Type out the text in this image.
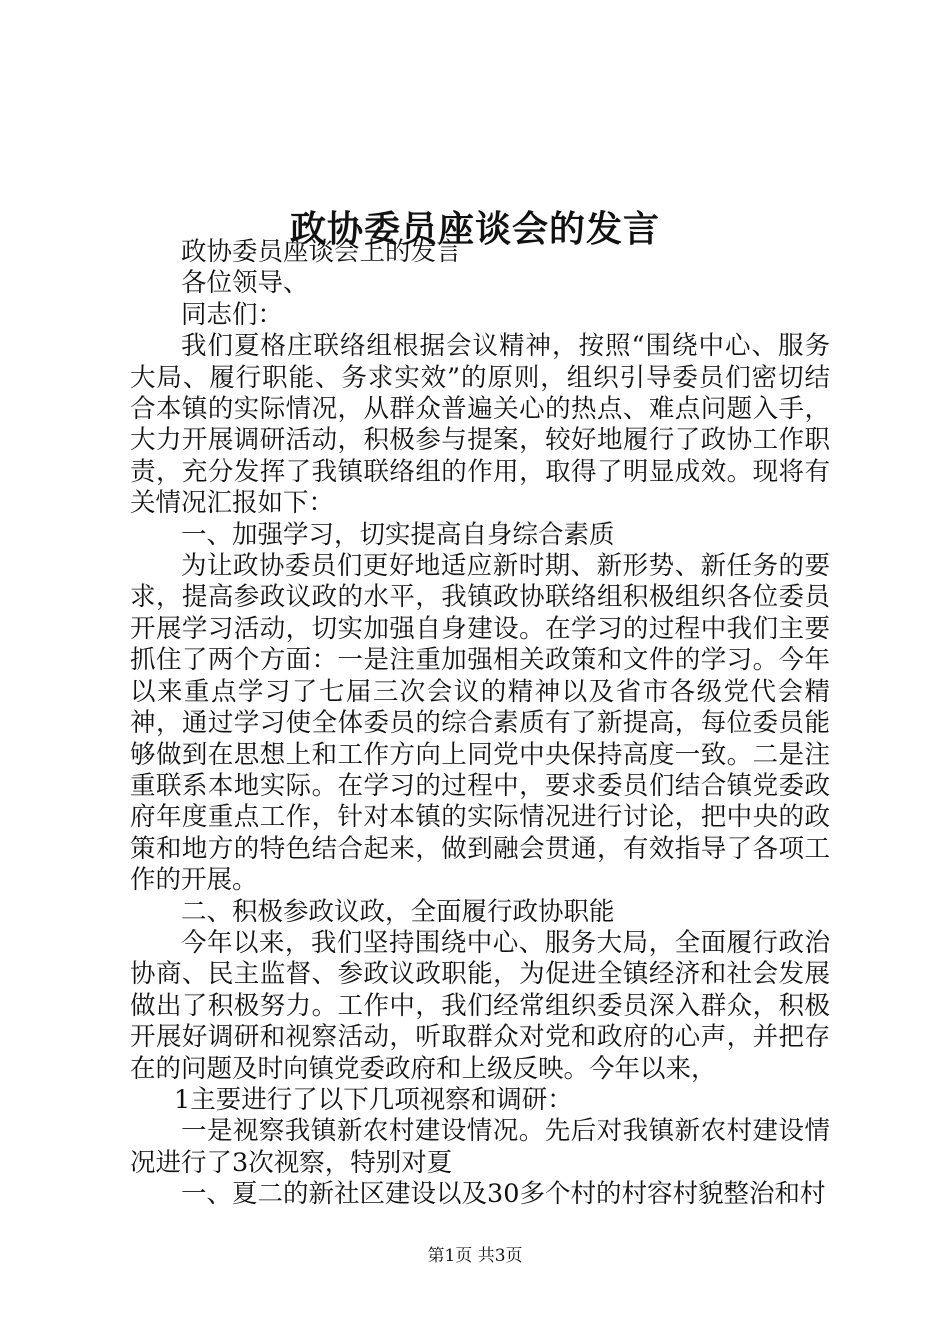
政协委员座谈会的发言

政协委员座谈会上的发言

各位领导、

同志们：

我们夏格庄联络组根据会议精神，按照“围绕中心、服务大局、履行职能、务求实效”的原则，组织引导委员们密切结合本镇的实际情况，从群众普遍关心的热点、难点问题入手，大力开展调研活动，积极参与提案，较好地履行了政协工作职责，充分发挥了我镇联络组的作用，取得了明显成效。现将有关情况汇报如下：

一、加强学习，切实提高自身综合素质

为让政协委员们更好地适应新时期、新形势、新任务的要求，提高参政议政的水平，我镇政协联络组积极组织各位委员开展学习活动，切实加强自身建设。在学习的过程中我们主要抓住了两个方面：一是注重加强相关政策和文件的学习。今年以来重点学习了七届三次会议的精神以及省市各级党代会精神，通过学习使全体委员的综合素质有了新提高，每位委员能够做到在思想上和工作方向上同党中央保持高度一致。二是注重联系本地实际。在学习的过程中，要求委员们结合镇党委政府年度重点工作，针对本镇的实际情况进行讨论，把中央的政策和地方的特色结合起来，做到融会贯通，有效指导了各项工作的开展。

二、积极参政议政，全面履行政协职能

今年以来，我们坚持围绕中心、服务大局，全面履行政治协商、民主监督、参政议政职能，为促进全镇经济和社会发展做出了积极努力。工作中，我们经常组织委员深入群众，积极开展好调研和视察活动，听取群众对党和政府的心声，并把存在的问题及时向镇党委政府和上级反映。今年以来，

1主要进行了以下几项视察和调研：

一是视察我镇新农村建设情况。先后对我镇新农村建设情况进行了3次视察，特别对夏

一、夏二的新社区建设以及30多个村的村容村貌整治和村

第1页 共3页
